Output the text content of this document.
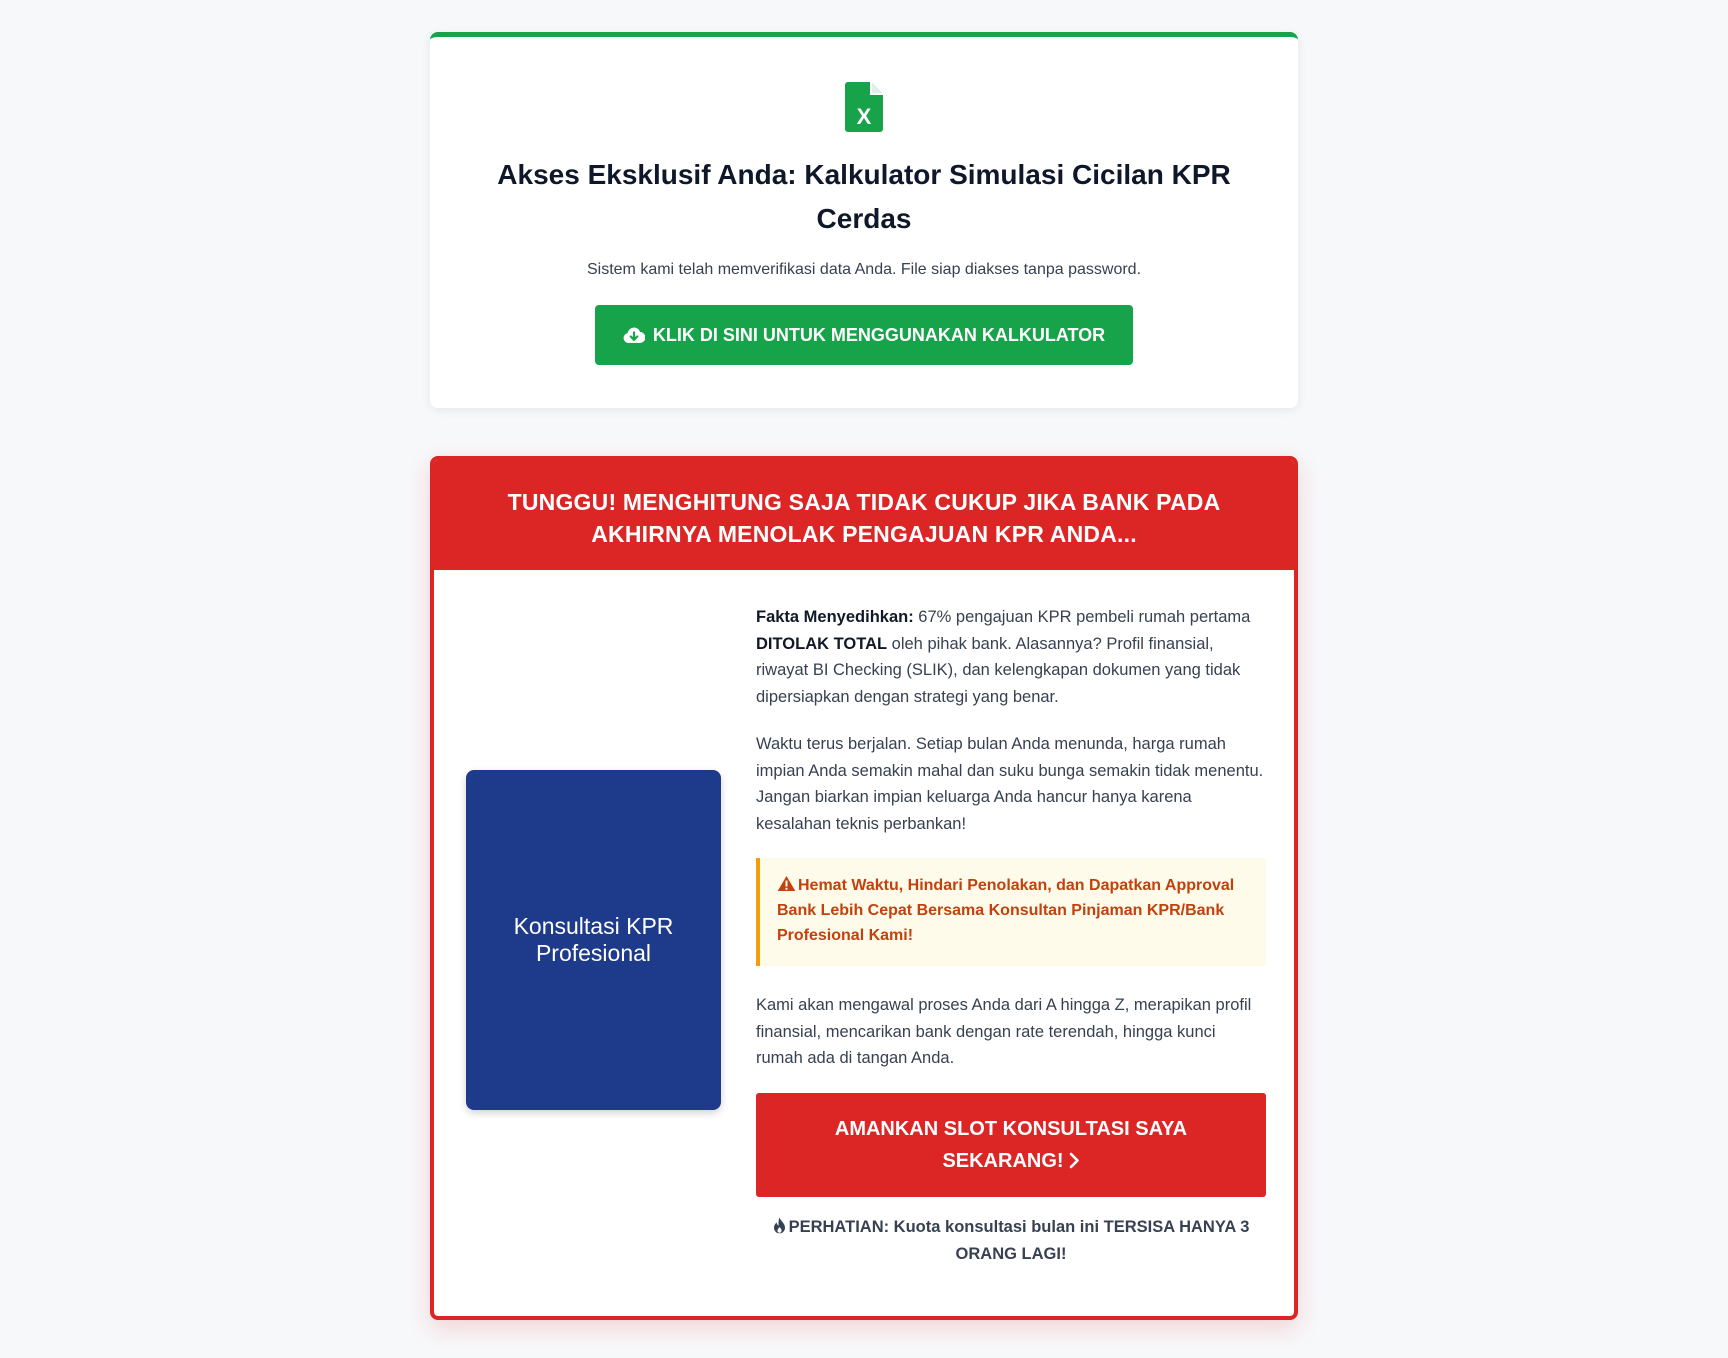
X
Akses Eksklusif Anda: Kalkulator Simulasi Cicilan KPR Cerdas
Sistem kami telah memverifikasi data Anda. File siap diakses tanpa password.
KLIK DI SINI UNTUK MENGGUNAKAN KALKULATOR
TUNGGU! MENGHITUNG SAJA TIDAK CUKUP JIKA BANK PADA AKHIRNYA MENOLAK PENGAJUAN KPR ANDA...
Konsultasi KPR Profesional

Fakta Menyedihkan: 67% pengajuan KPR pembeli rumah pertama DITOLAK TOTAL oleh pihak bank. Alasannya? Profil finansial, riwayat BI Checking (SLIK), dan kelengkapan dokumen yang tidak dipersiapkan dengan strategi yang benar.

Waktu terus berjalan. Setiap bulan Anda menunda, harga rumah impian Anda semakin mahal dan suku bunga semakin tidak menentu. Jangan biarkan impian keluarga Anda hancur hanya karena kesalahan teknis perbankan!

Hemat Waktu, Hindari Penolakan, dan Dapatkan Approval Bank Lebih Cepat Bersama Konsultan Pinjaman KPR/Bank Profesional Kami!

Kami akan mengawal proses Anda dari A hingga Z, merapikan profil finansial, mencarikan bank dengan rate terendah, hingga kunci rumah ada di tangan Anda.

AMANKAN SLOT KONSULTASI SAYA SEKARANG!
PERHATIAN: Kuota konsultasi bulan ini TERSISA HANYA 3 ORANG LAGI!
